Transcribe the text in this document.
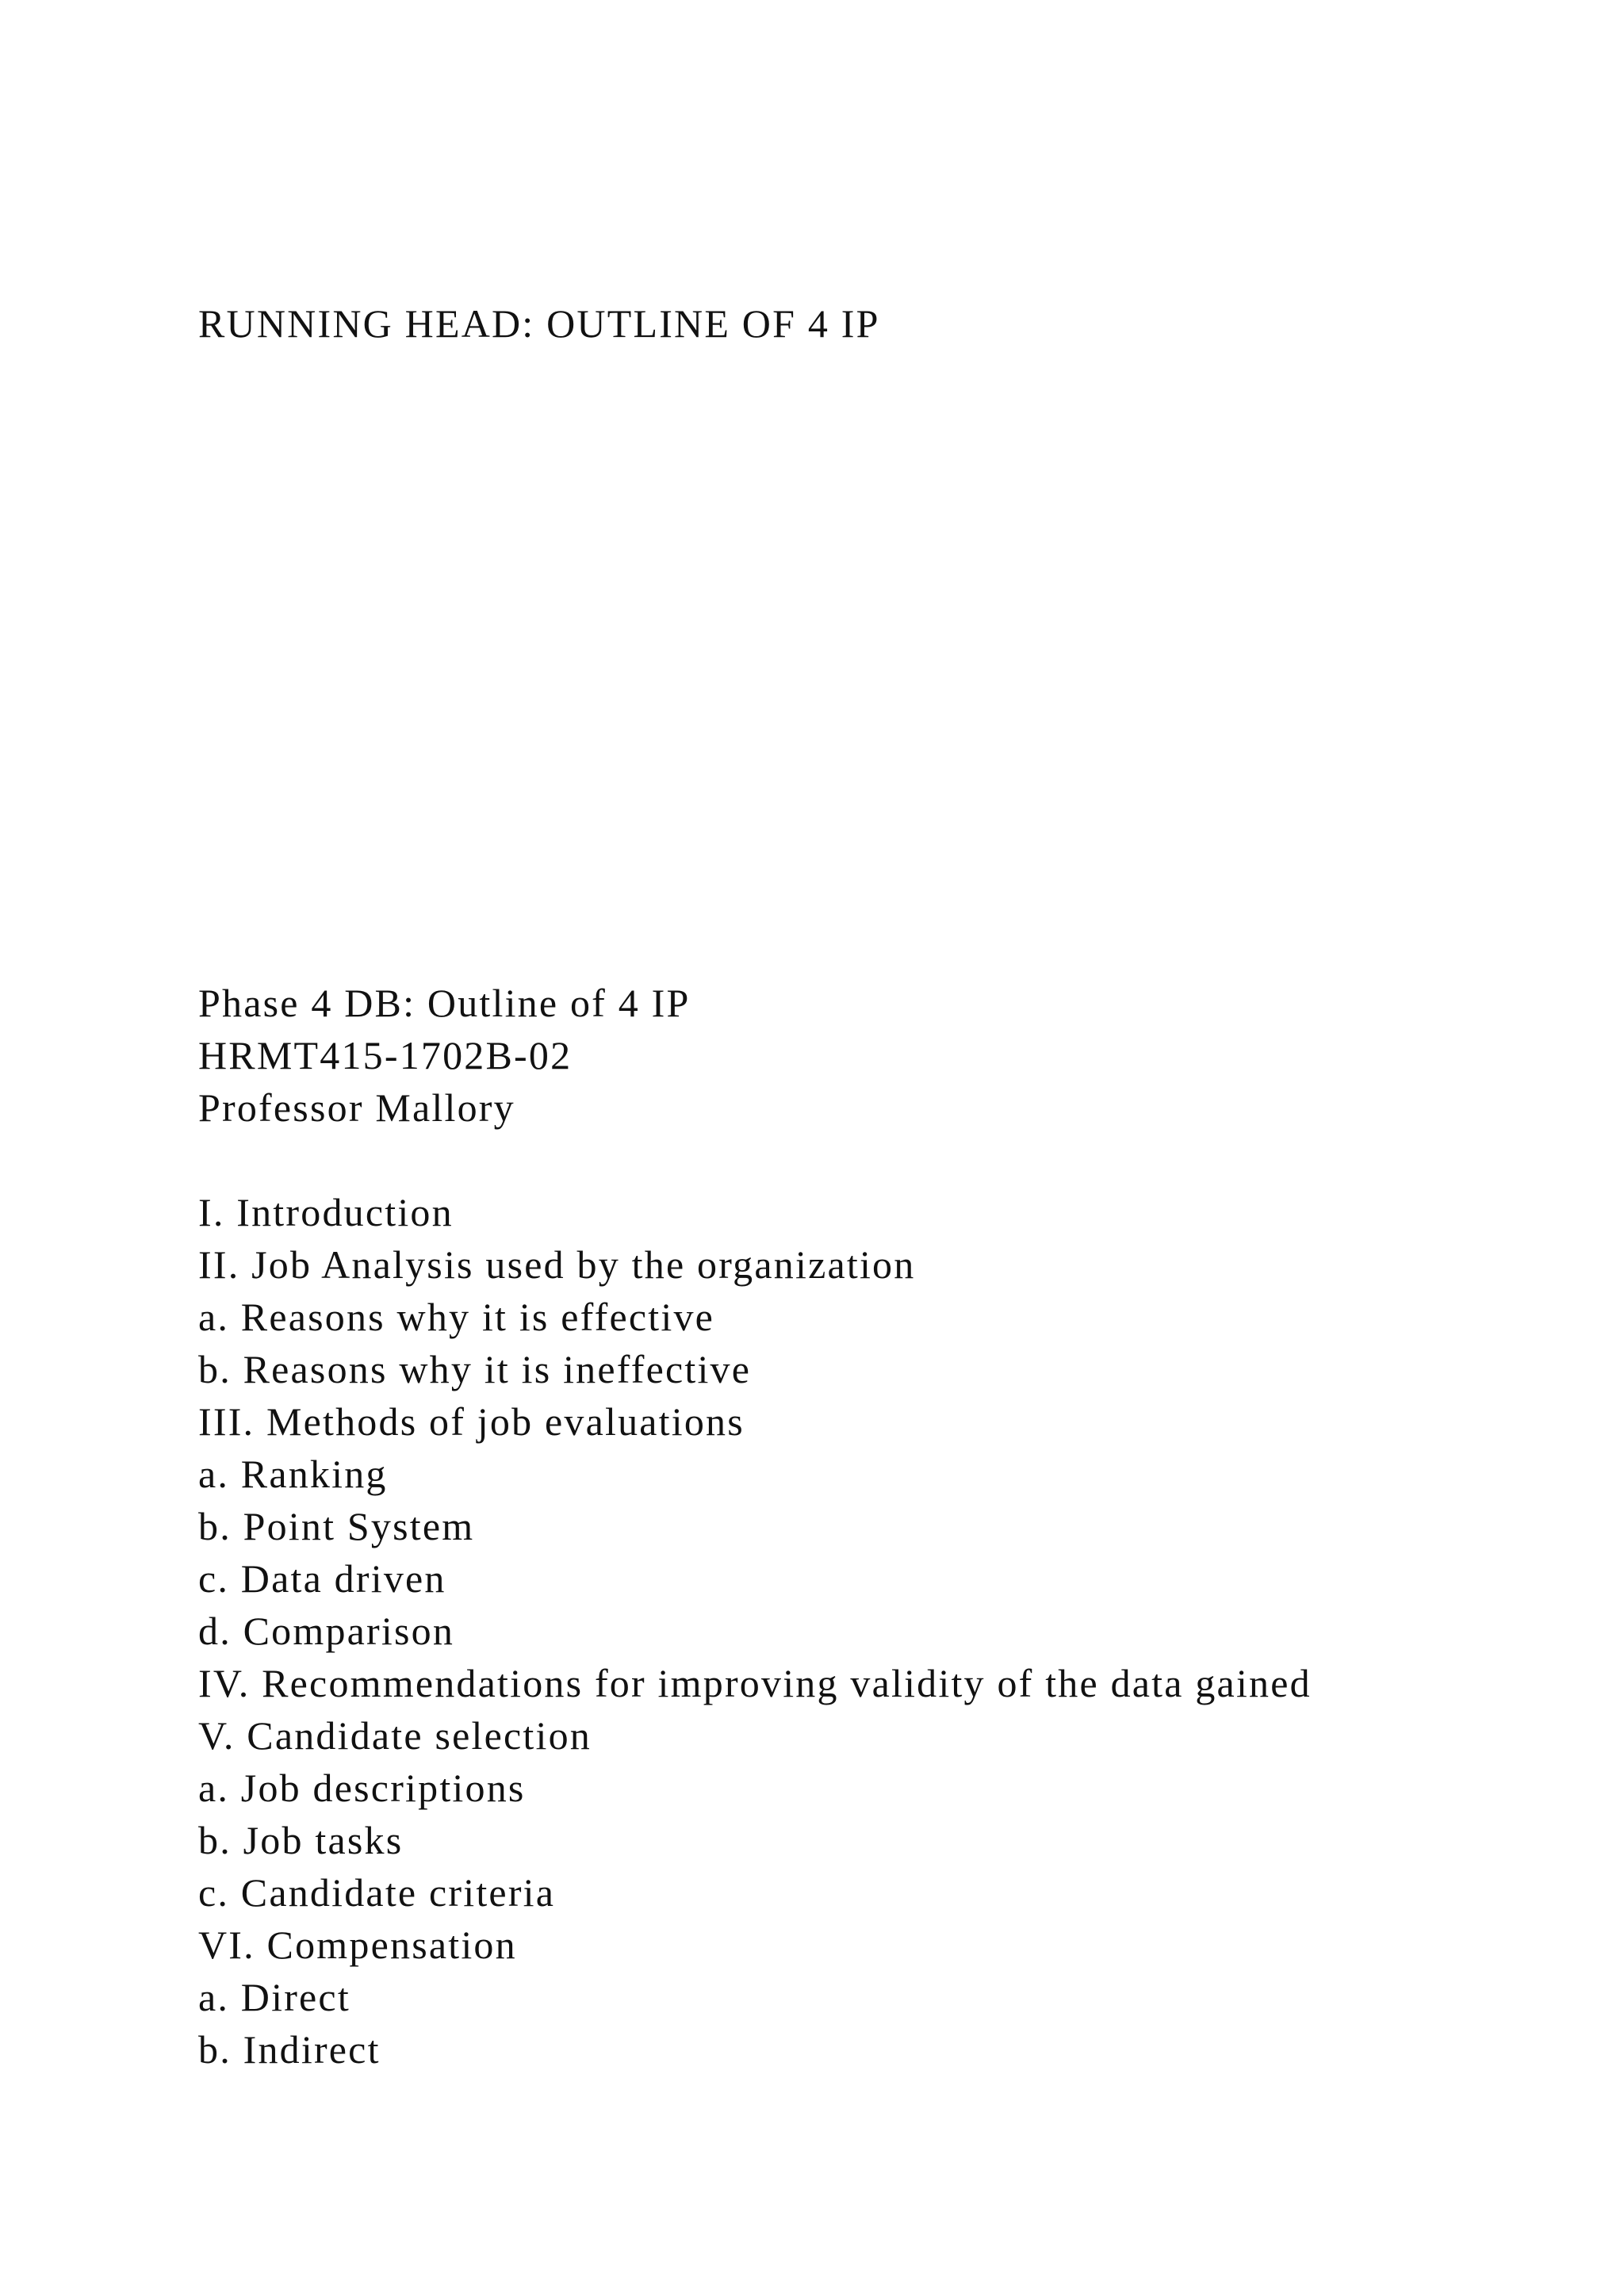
RUNNING HEAD: OUTLINE OF 4 IP
Phase 4 DB: Outline of 4 IP
HRMT415-1702B-02
Professor Mallory
I. Introduction
II. Job Analysis used by the organization
a. Reasons why it is effective
b. Reasons why it is ineffective
III. Methods of job evaluations
a. Ranking
b. Point System
c. Data driven
d. Comparison
IV. Recommendations for improving validity of the data gained
V. Candidate selection
a. Job descriptions
b. Job tasks
c. Candidate criteria
VI. Compensation
a. Direct
b. Indirect
